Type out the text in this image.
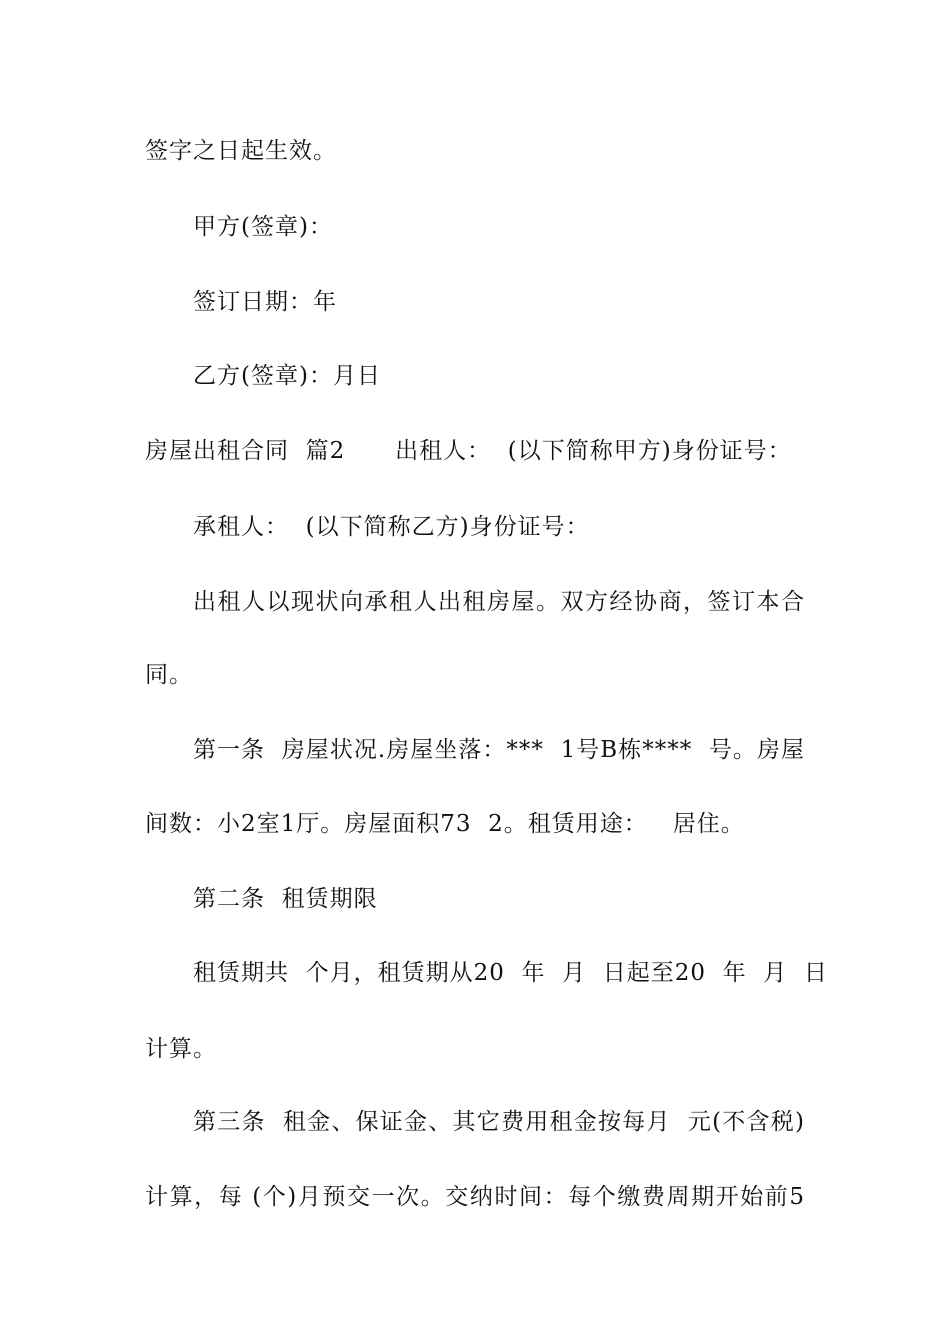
签字之日起生效。
甲方(签章)：
签订日期：年
乙方(签章)：月日
房屋出租合同  篇2      出租人：  (以下简称甲方)身份证号：
承租人：  (以下简称乙方)身份证号：
出租人以现状向承租人出租房屋。双方经协商，签订本合
同。
第一条  房屋状况.房屋坐落：***  1号B栋****  号。房屋
间数：小2室1厅。房屋面积73  2。租赁用途：   居住。
第二条  租赁期限
租赁期共  个月，租赁期从20  年  月  日起至20  年  月  日
计算。
第三条  租金、保证金、其它费用租金按每月  元(不含税)
计算，每 (个)月预交一次。交纳时间：每个缴费周期开始前5
